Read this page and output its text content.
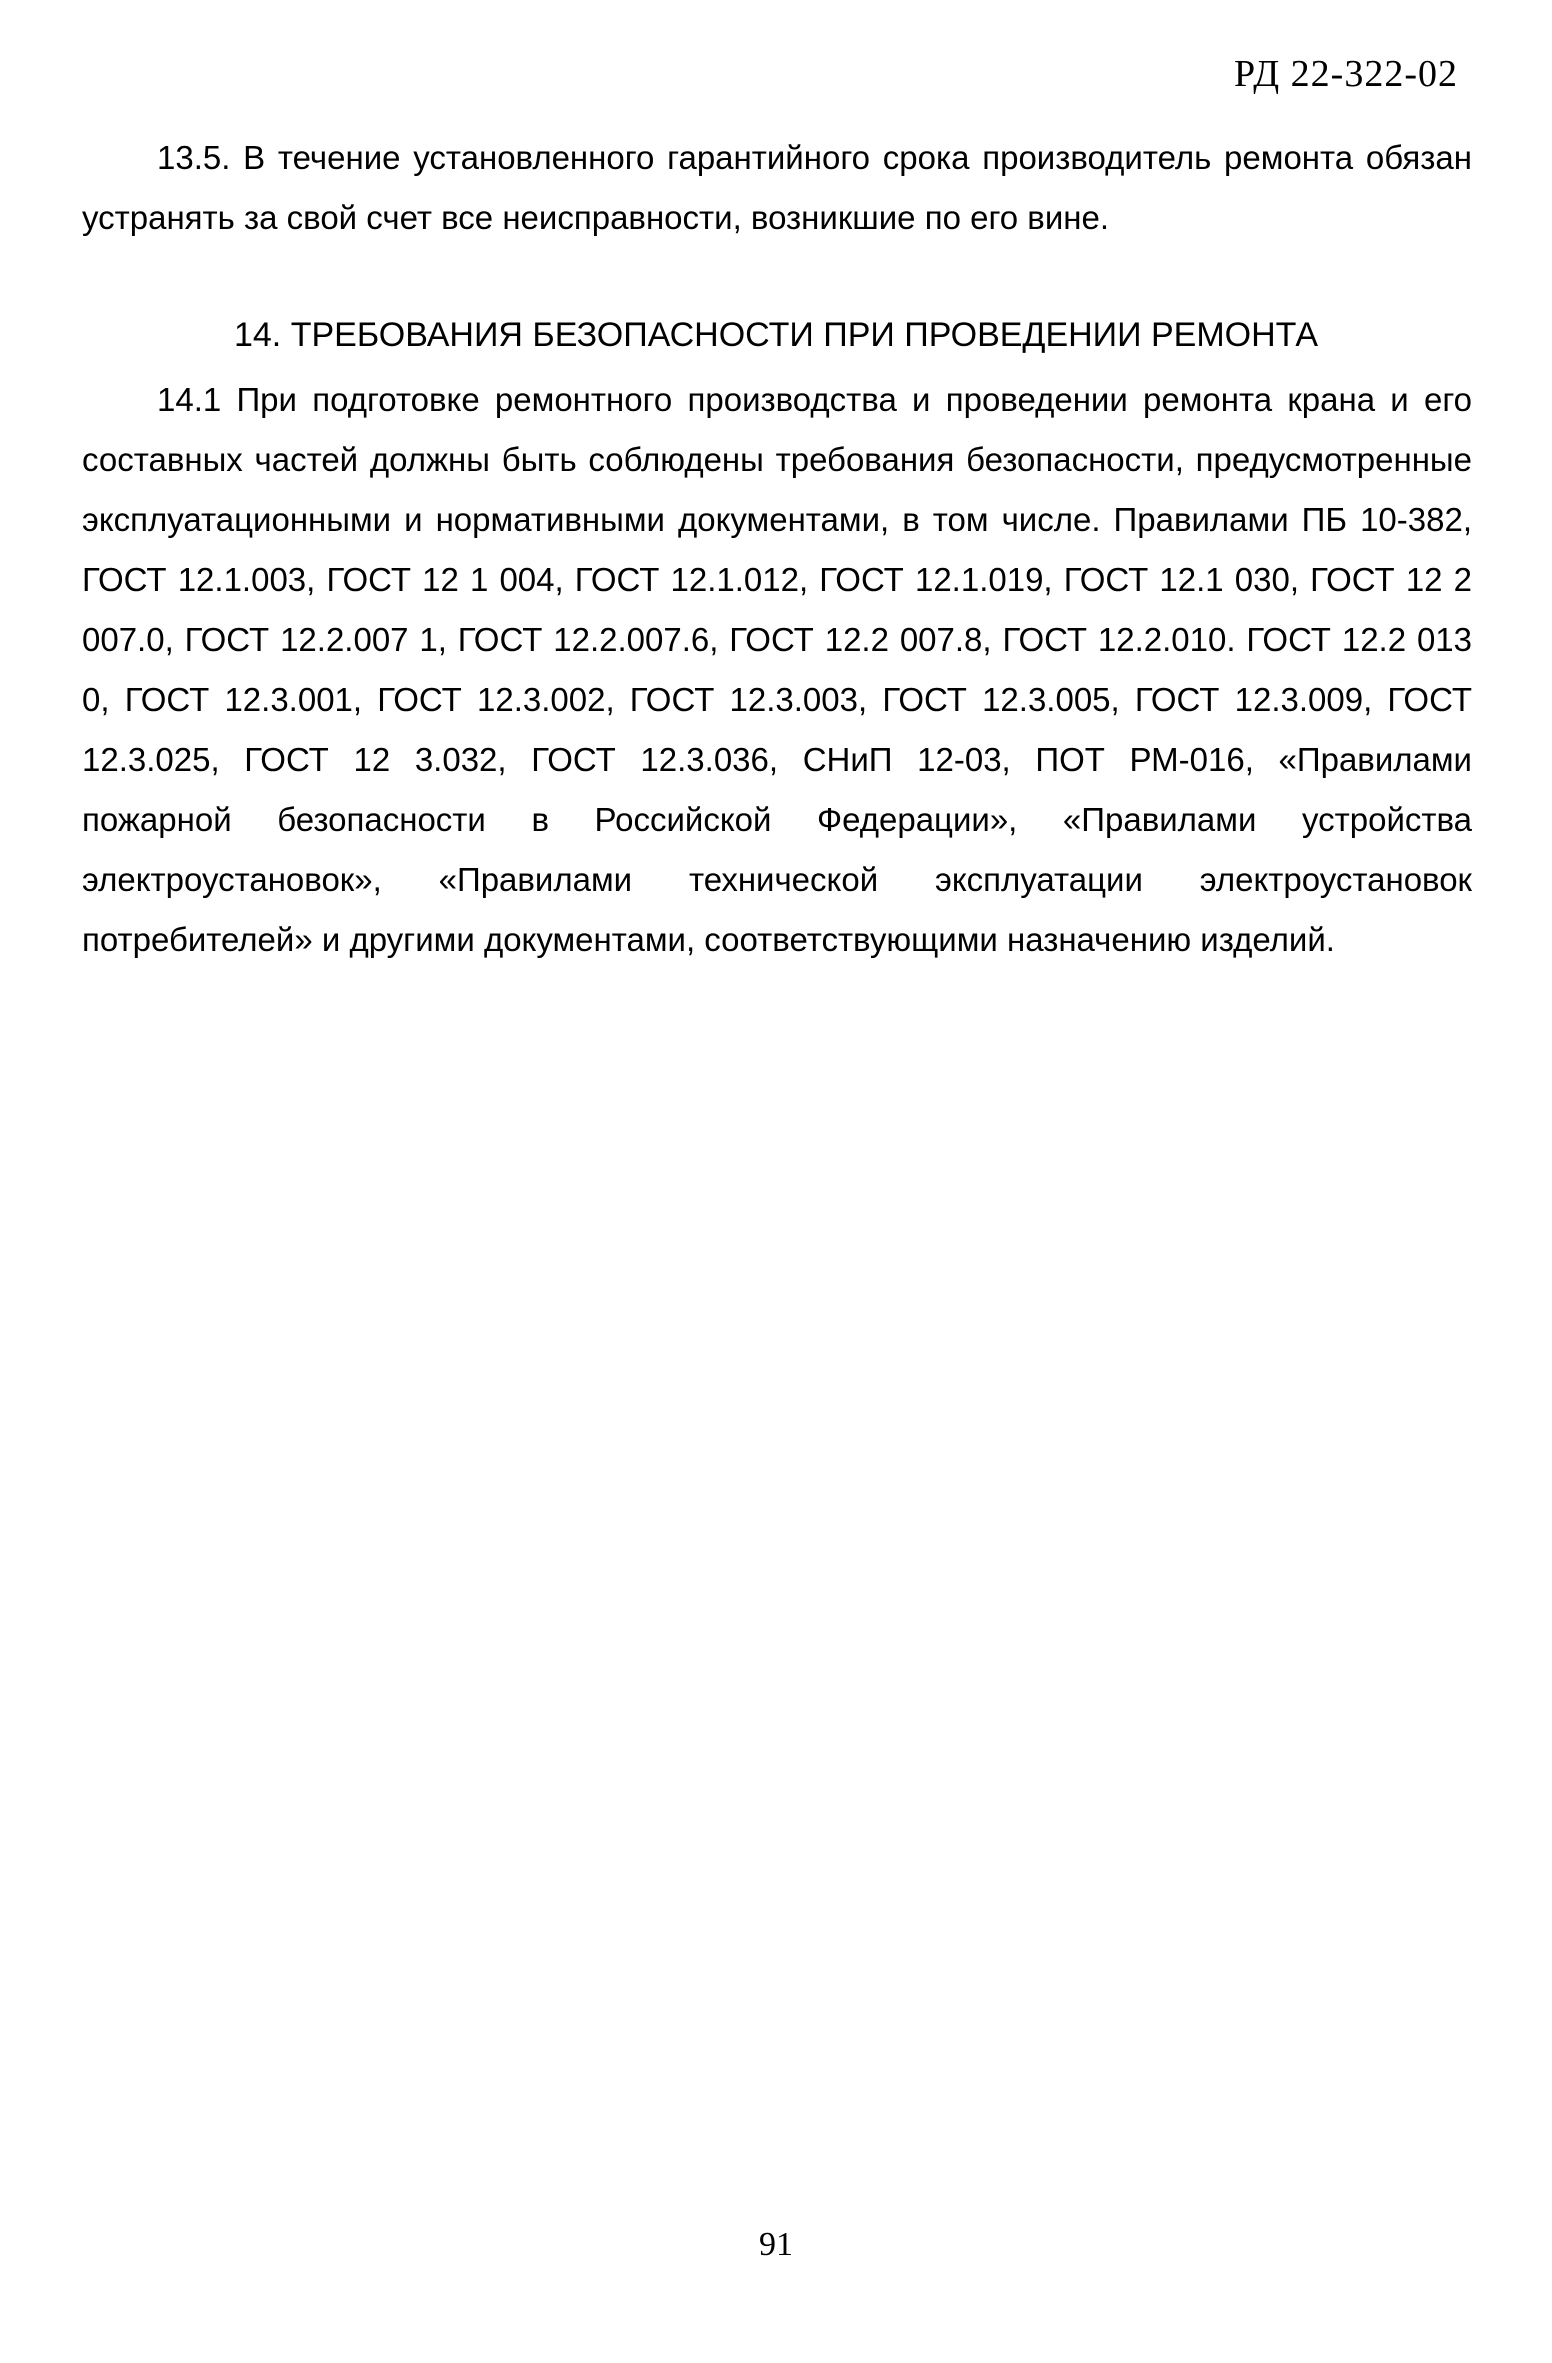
РД 22-322-02

13.5. В течение установленного гарантийного срока производитель ремонта обязан устранять за свой счет все неисправности, возникшие по его вине.

14. ТРЕБОВАНИЯ БЕЗОПАСНОСТИ ПРИ ПРОВЕДЕНИИ РЕМОНТА

14.1 При подготовке ремонтного производства и проведении ремонта крана и его составных частей должны быть соблюдены требования безопасности, предусмотренные эксплуатационными и нормативными документами, в том числе. Правилами ПБ 10-382, ГОСТ 12.1.003, ГОСТ 12 1 004, ГОСТ 12.1.012, ГОСТ 12.1.019, ГОСТ 12.1 030, ГОСТ 12 2 007.0, ГОСТ 12.2.007 1, ГОСТ 12.2.007.6, ГОСТ 12.2 007.8, ГОСТ 12.2.010. ГОСТ 12.2 013 0, ГОСТ 12.3.001, ГОСТ 12.3.002, ГОСТ 12.3.003, ГОСТ 12.3.005, ГОСТ 12.3.009, ГОСТ 12.3.025, ГОСТ 12 3.032, ГОСТ 12.3.036, СНиП 12-03, ПОТ РМ-016, «Правилами пожарной безопасности в Российской Федерации», «Правилами устройства электроустановок», «Правилами технической эксплуатации электроустановок потребителей» и другими документами, соответствующими назначению изделий.

91
